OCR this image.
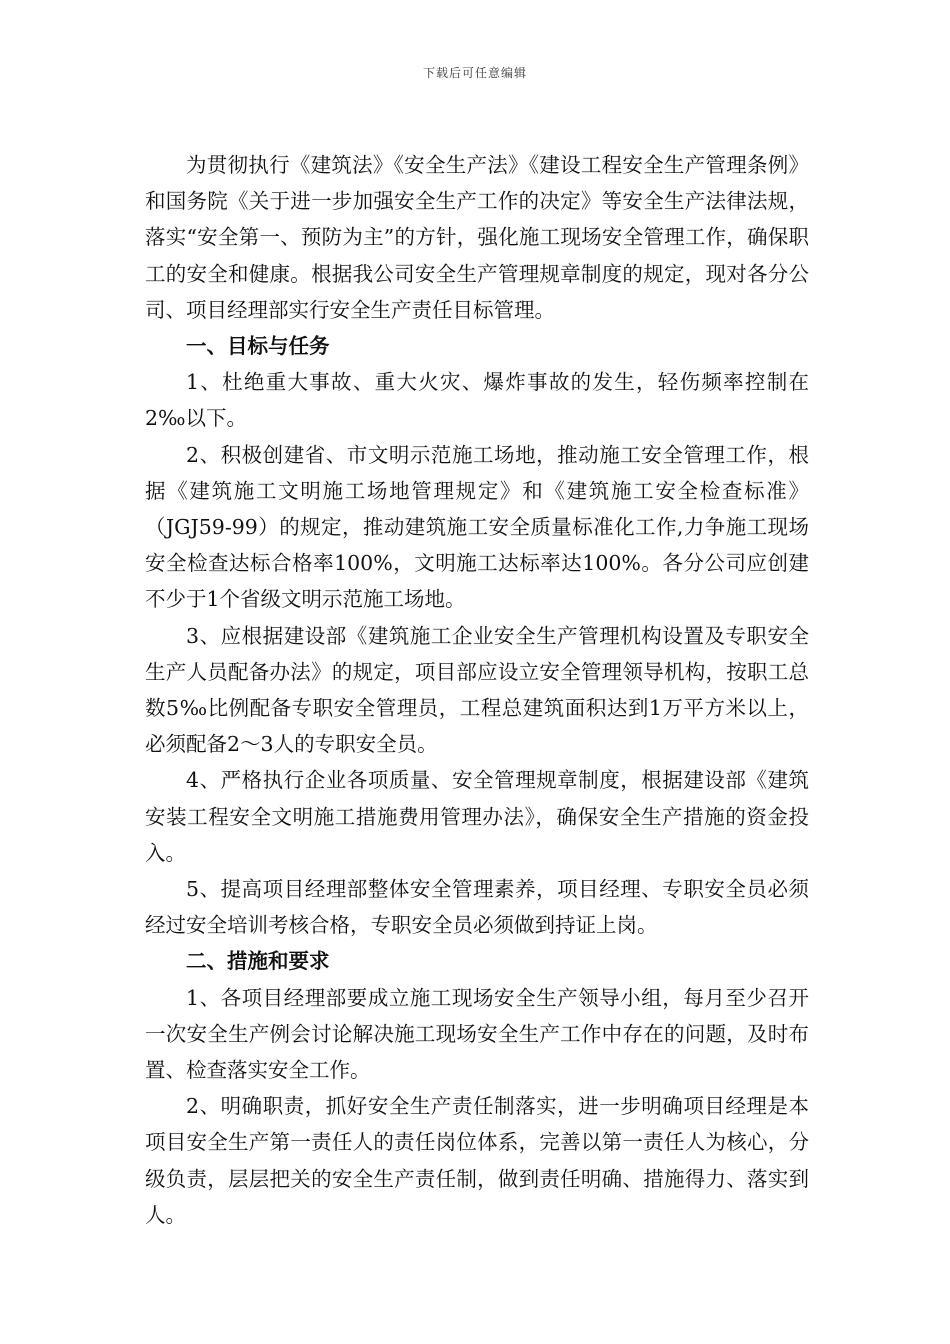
下载后可任意编辑

为贯彻执行《建筑法》《安全生产法》《建设工程安全生产管理条例》和国务院《关于进一步加强安全生产工作的决定》等安全生产法律法规，落实“安全第一、预防为主”的方针，强化施工现场安全管理工作，确保职工的安全和健康。根据我公司安全生产管理规章制度的规定，现对各分公司、项目经理部实行安全生产责任目标管理。

一、目标与任务

1、杜绝重大事故、重大火灾、爆炸事故的发生，轻伤频率控制在2‰以下。

2、积极创建省、市文明示范施工场地，推动施工安全管理工作，根据《建筑施工文明施工场地管理规定》和《建筑施工安全检查标准》（JGJ59-99）的规定，推动建筑施工安全质量标准化工作,力争施工现场安全检查达标合格率100%，文明施工达标率达100%。各分公司应创建不少于1个省级文明示范施工场地。

3、应根据建设部《建筑施工企业安全生产管理机构设置及专职安全生产人员配备办法》的规定，项目部应设立安全管理领导机构，按职工总数5‰比例配备专职安全管理员，工程总建筑面积达到1万平方米以上，必须配备2～3人的专职安全员。

4、严格执行企业各项质量、安全管理规章制度，根据建设部《建筑安装工程安全文明施工措施费用管理办法》，确保安全生产措施的资金投入。

5、提高项目经理部整体安全管理素养，项目经理、专职安全员必须经过安全培训考核合格，专职安全员必须做到持证上岗。

二、措施和要求

1、各项目经理部要成立施工现场安全生产领导小组，每月至少召开一次安全生产例会讨论解决施工现场安全生产工作中存在的问题，及时布置、检查落实安全工作。

2、明确职责，抓好安全生产责任制落实，进一步明确项目经理是本项目安全生产第一责任人的责任岗位体系，完善以第一责任人为核心，分级负责，层层把关的安全生产责任制，做到责任明确、措施得力、落实到人。
